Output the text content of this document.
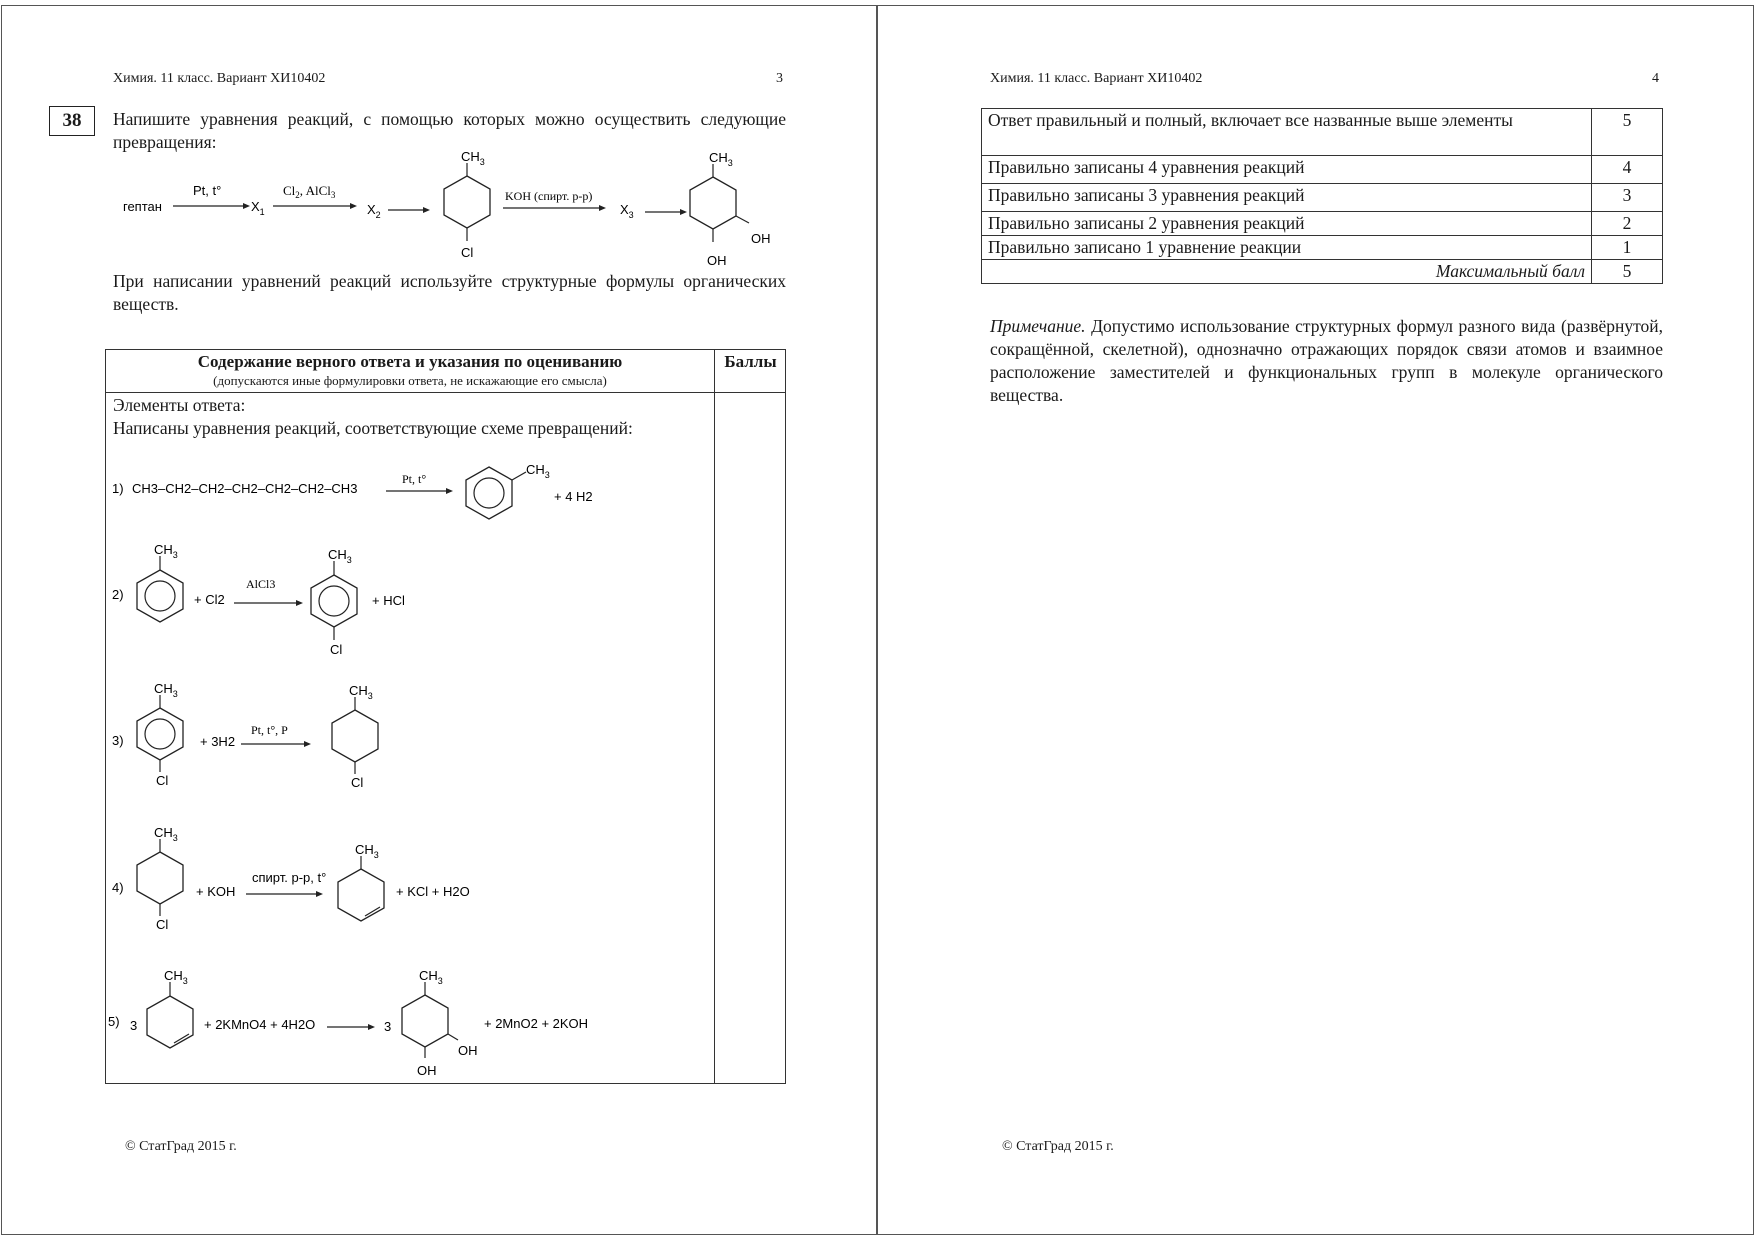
Химия. 11 класс. Вариант ХИ10402	3
38	Напишите уравнения реакций, с помощью которых можно осуществить следующие превращения:
гептан
Pt, t°
$X_1$
$Cl_2$, AlCl$_3$
$X_2$
$CH_3$
Cl
KOH (спирт. р-р)
$X_3$
$CH_3$
OH
OH
При написании уравнений реакций используйте структурные формулы органических веществ.
Содержание верного ответа и указания по оцениванию
(допускаются иные формулировки ответа, не искажающие его смысла)
Баллы
Элементы ответа:
Написаны уравнения реакций, соответствующие схеме превращений:
1) CH3–CH2–CH2–CH2–CH2–CH2–CH3
Pt, t°
$CH_3$
+ 4 H2
2)
$CH_3$
+ Cl2
AlCl3
$CH_3$
Cl
+ HCl
3)
$CH_3$
Cl
+ 3H2
Pt, t°, P
$CH_3$
Cl
4)
$CH_3$
Cl
+ KOH
спирт. р-р, t°
$CH_3$
+ KCl + H2O
5) 3
$CH_3$
+ 2KMnO4 + 4H2O	3
$CH_3$
OH
OH
+ 2MnO2 + 2KOH
© СтатГрад 2015 г.
Химия. 11 класс. Вариант ХИ10402	4
Ответ правильный и полный, включает все названные выше элементы	5
Правильно записаны 4 уравнения реакций	4
Правильно записаны 3 уравнения реакций	3
Правильно записаны 2 уравнения реакций	2
Правильно записано 1 уравнение реакции	1
Максимальный балл	5
Примечание. Допустимо использование структурных формул разного вида (развёрнутой, сокращённой, скелетной), однозначно отражающих порядок связи атомов и взаимное расположение заместителей и функциональных групп в молекуле органического вещества.
© СтатГрад 2015 г.
